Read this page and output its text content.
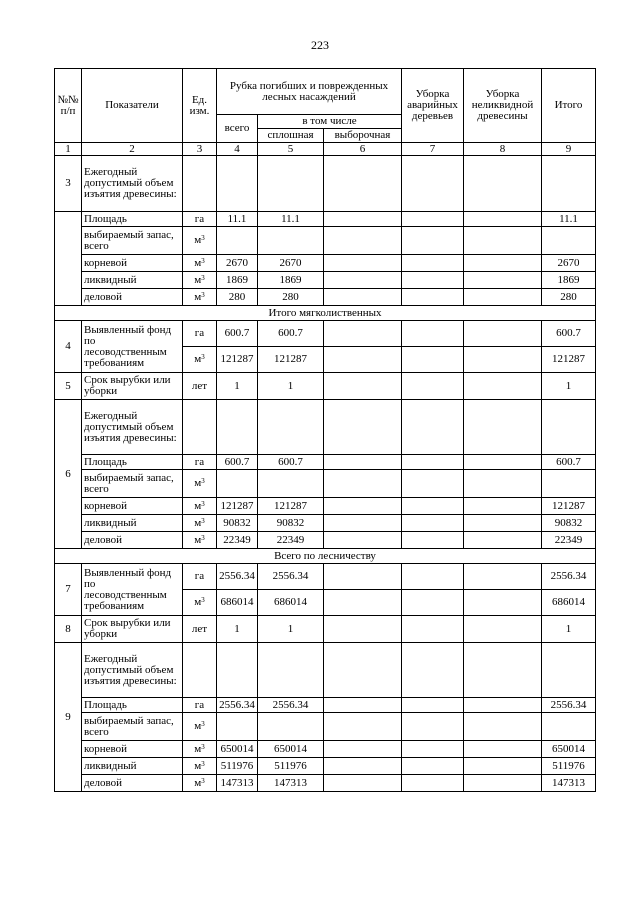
223
№№ п/п	Показатели	Ед. изм.	Рубка погибших и поврежденных лесных насаждений			Уборка аварийных деревьев	Уборка неликвидной древесины	Итого
			всего	в том числе				
				сплошная	выборочная			
1	2	3	4	5	6	7	8	9
3	Ежегодный допустимый объем изъятия древесины:							
	Площадь	га	11.1	11.1				11.1
	выбираемый запас, всего	$м^3$						
	корневой	$м^3$	2670	2670				2670
	ликвидный	$м^3$	1869	1869				1869
	деловой	$м^3$	280	280				280
Итого мягколиственных								
4	Выявленный фонд по лесоводственным требованиям	га	600.7	600.7				600.7
		$м^3$	121287	121287				121287
5	Срок вырубки или уборки	лет	1	1				1
6	Ежегодный допустимый объем изъятия древесины:							
	Площадь	га	600.7	600.7				600.7
	выбираемый запас, всего	$м^3$						
	корневой	$м^3$	121287	121287				121287
	ликвидный	$м^3$	90832	90832				90832
	деловой	$м^3$	22349	22349				22349
Всего по лесничеству								
7	Выявленный фонд по лесоводственным требованиям	га	2556.34	2556.34				2556.34
		$м^3$	686014	686014				686014
8	Срок вырубки или уборки	лет	1	1				1
9	Ежегодный допустимый объем изъятия древесины:							
	Площадь	га	2556.34	2556.34				2556.34
	выбираемый запас, всего	$м^3$						
	корневой	$м^3$	650014	650014				650014
	ликвидный	$м^3$	511976	511976				511976
	деловой	$м^3$	147313	147313				147313
